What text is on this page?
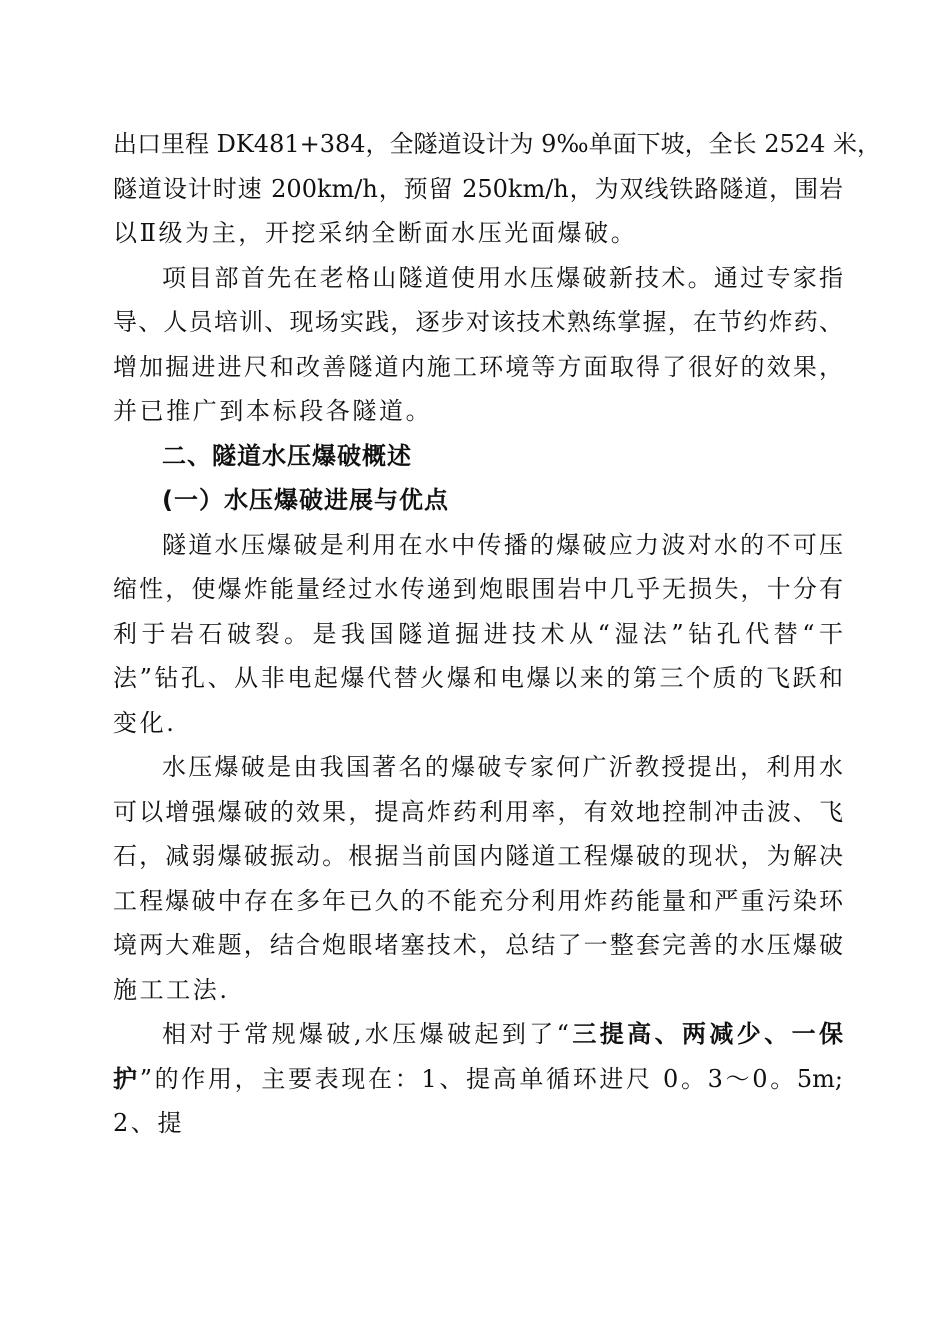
出口里程 DK481+384，全隧道设计为 9‰单面下坡，全长 2524 米，
隧道设计时速 200km/h，预留 250km/h，为双线铁路隧道，围岩
以Ⅱ级为主，开挖采纳全断面水压光面爆破。
项目部首先在老格山隧道使用水压爆破新技术。通过专家指
导、人员培训、现场实践，逐步对该技术熟练掌握，在节约炸药、
增加掘进进尺和改善隧道内施工环境等方面取得了很好的效果，
并已推广到本标段各隧道。
二、隧道水压爆破概述
(一）水压爆破进展与优点
隧道水压爆破是利用在水中传播的爆破应力波对水的不可压
缩性，使爆炸能量经过水传递到炮眼围岩中几乎无损失，十分有
利于岩石破裂。是我国隧道掘进技术从“湿法”钻孔代替“干
法”钻孔、从非电起爆代替火爆和电爆以来的第三个质的飞跃和
变化.
水压爆破是由我国著名的爆破专家何广沂教授提出，利用水
可以增强爆破的效果，提高炸药利用率，有效地控制冲击波、飞
石，减弱爆破振动。根据当前国内隧道工程爆破的现状，为解决
工程爆破中存在多年已久的不能充分利用炸药能量和严重污染环
境两大难题，结合炮眼堵塞技术，总结了一整套完善的水压爆破
施工工法.
相对于常规爆破,水压爆破起到了“三提高、两减少、一保
护”的作用，主要表现在：1、提高单循环进尺 0。3～0。5m;
2、提
